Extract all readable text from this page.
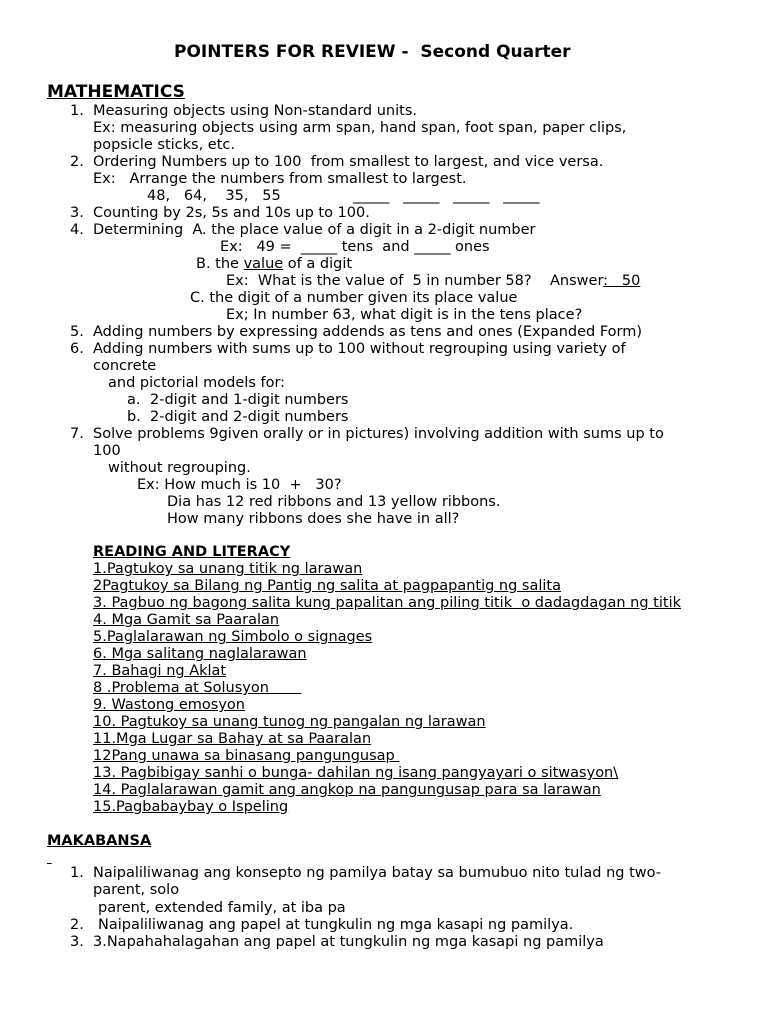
POINTERS FOR REVIEW -  Second Quarter
MATHEMATICS
1. Measuring objects using Non-standard units.
Ex: measuring objects using arm span, hand span, foot span, paper clips,
popsicle sticks, etc.
2. Ordering Numbers up to 100  from smallest to largest, and vice versa.
Ex:   Arrange the numbers from smallest to largest.
48,   64,    35,   55	_____   _____   _____   _____
3. Counting by 2s, 5s and 10s up to 100.
4. Determining  A. the place value of a digit in a 2-digit number
Ex:   49 =  _____ tens  and _____ ones
B. the value of a digit
Ex:  What is the value of  5 in number 58?    Answer:   50
C. the digit of a number given its place value
Ex; In number 63, what digit is in the tens place?
5. Adding numbers by expressing addends as tens and ones (Expanded Form)
6. Adding numbers with sums up to 100 without regrouping using variety of
concrete
and pictorial models for:
a. 2-digit and 1-digit numbers
b. 2-digit and 2-digit numbers
7. Solve problems 9given orally or in pictures) involving addition with sums up to
100
without regrouping.
Ex: How much is 10  +   30?
Dia has 12 red ribbons and 13 yellow ribbons.
How many ribbons does she have in all?
READING AND LITERACY
1.Pagtukoy sa unang titik ng larawan
2Pagtukoy sa Bilang ng Pantig ng salita at pagpapantig ng salita
3. Pagbuo ng bagong salita kung papalitan ang piling titik  o dadagdagan ng titik
4. Mga Gamit sa Paaralan
5.Paglalarawan ng Simbolo o signages
6. Mga salitang naglalarawan
7. Bahagi ng Aklat
8 .Problema at Solusyon
9. Wastong emosyon
10. Pagtukoy sa unang tunog ng pangalan ng larawan
11.Mga Lugar sa Bahay at sa Paaralan
12Pang unawa sa binasang pangungusap
13. Pagbibigay sanhi o bunga- dahilan ng isang pangyayari o sitwasyon\
14. Paglalarawan gamit ang angkop na pangungusap para sa larawan
15.Pagbabaybay o Ispeling
MAKABANSA

1. Naipaliliwanag ang konsepto ng pamilya batay sa bumubuo nito tulad ng two-
parent, solo
parent, extended family, at iba pa
2. Naipaliliwanag ang papel at tungkulin ng mga kasapi ng pamilya.
3. 3.Napahahalagahan ang papel at tungkulin ng mga kasapi ng pamilya
